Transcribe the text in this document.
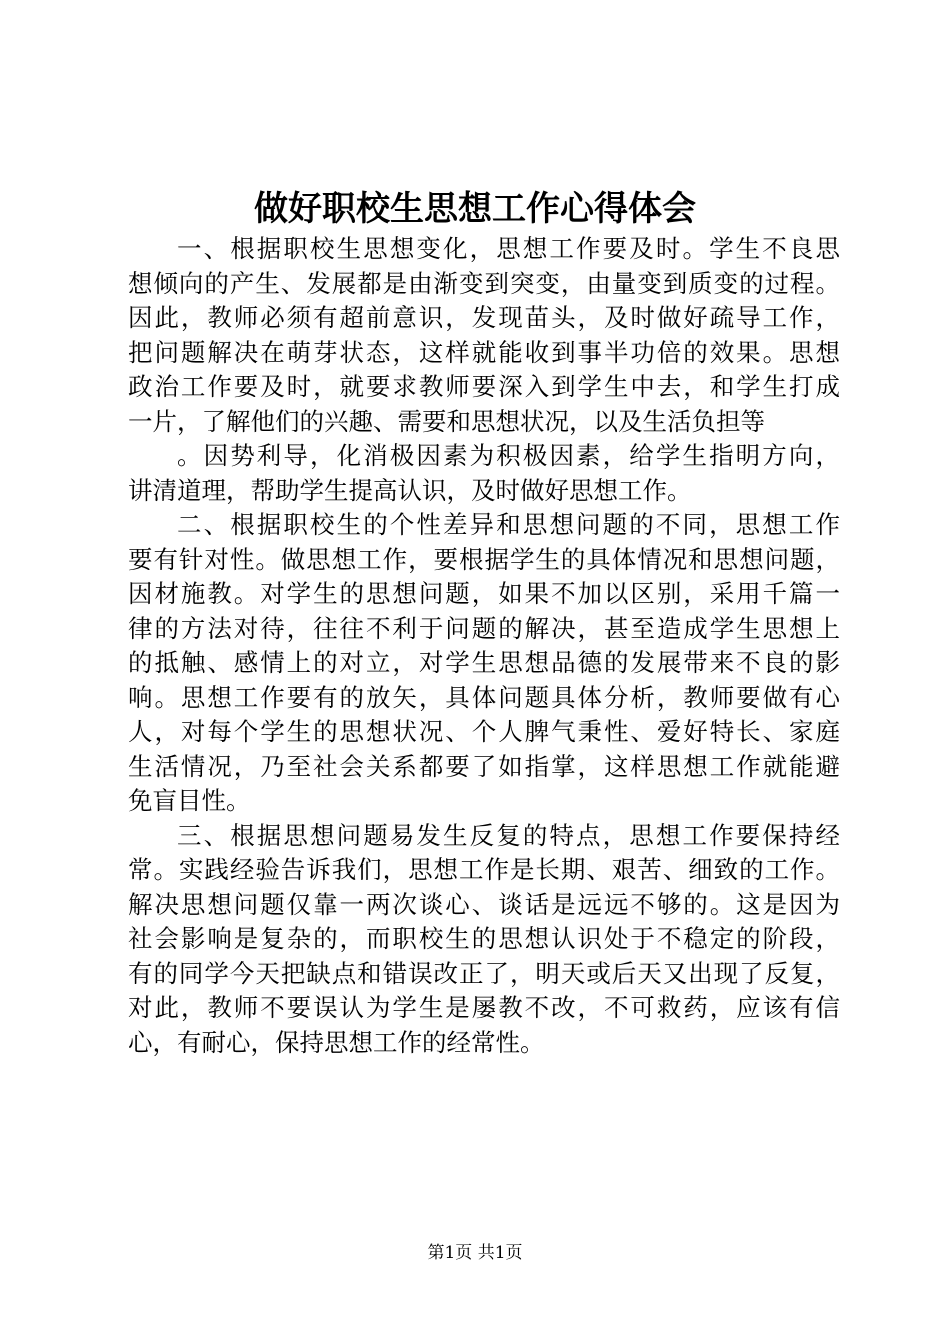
做好职校生思想工作心得体会
一、根据职校生思想变化，思想工作要及时。学生不良思
想倾向的产生、发展都是由渐变到突变，由量变到质变的过程。
因此，教师必须有超前意识，发现苗头，及时做好疏导工作，
把问题解决在萌芽状态，这样就能收到事半功倍的效果。思想
政治工作要及时，就要求教师要深入到学生中去，和学生打成
一片，了解他们的兴趣、需要和思想状况，以及生活负担等
。因势利导，化消极因素为积极因素，给学生指明方向，
讲清道理，帮助学生提高认识，及时做好思想工作。
二、根据职校生的个性差异和思想问题的不同，思想工作
要有针对性。做思想工作，要根据学生的具体情况和思想问题，
因材施教。对学生的思想问题，如果不加以区别，采用千篇一
律的方法对待，往往不利于问题的解决，甚至造成学生思想上
的抵触、感情上的对立，对学生思想品德的发展带来不良的影
响。思想工作要有的放矢，具体问题具体分析，教师要做有心
人，对每个学生的思想状况、个人脾气秉性、爱好特长、家庭
生活情况，乃至社会关系都要了如指掌，这样思想工作就能避
免盲目性。
三、根据思想问题易发生反复的特点，思想工作要保持经
常。实践经验告诉我们，思想工作是长期、艰苦、细致的工作。
解决思想问题仅靠一两次谈心、谈话是远远不够的。这是因为
社会影响是复杂的，而职校生的思想认识处于不稳定的阶段，
有的同学今天把缺点和错误改正了，明天或后天又出现了反复，
对此，教师不要误认为学生是屡教不改，不可救药，应该有信
心，有耐心，保持思想工作的经常性。
第1页 共1页
